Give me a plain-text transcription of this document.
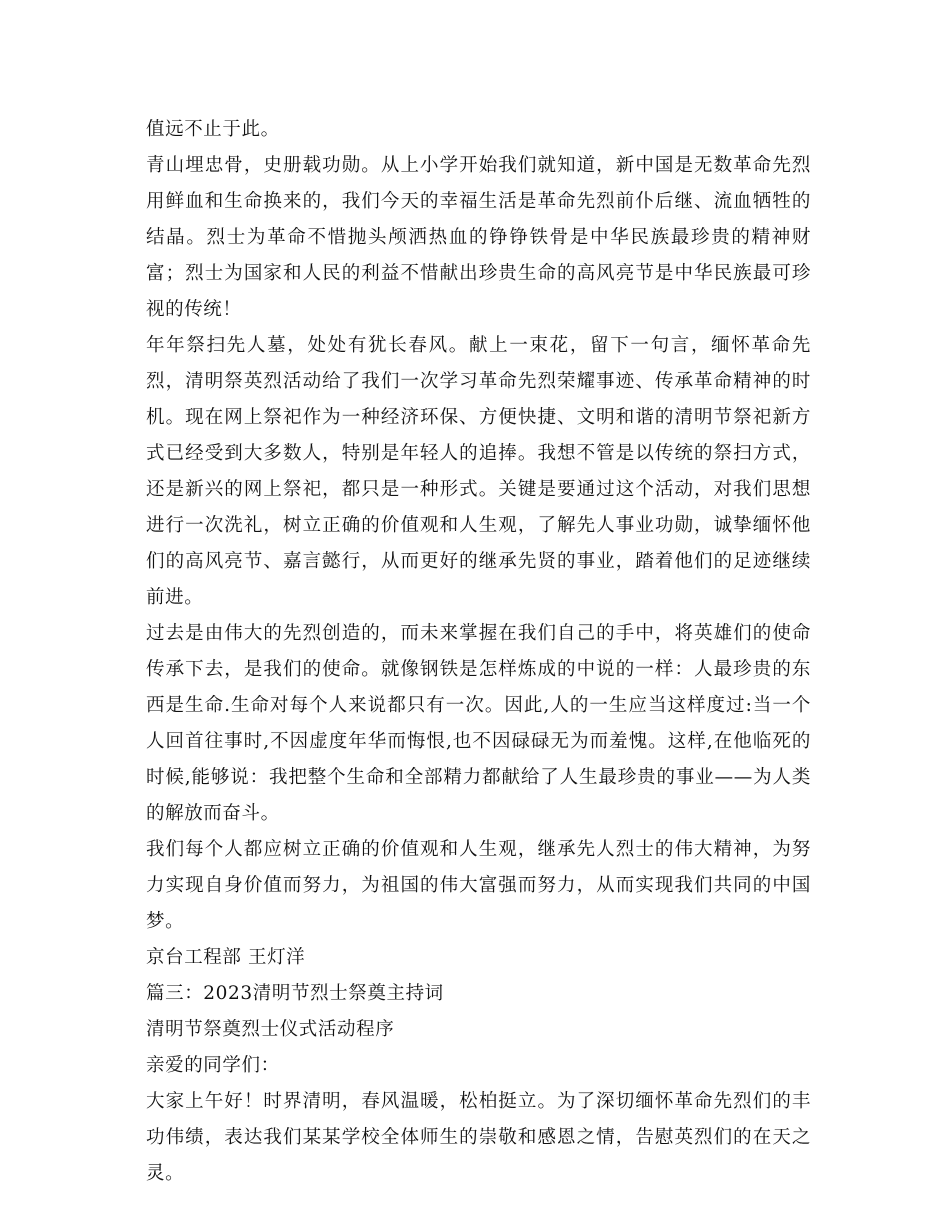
值远不止于此。

青山埋忠骨，史册载功勋。从上小学开始我们就知道，新中国是无数革命先烈用鲜血和生命换来的，我们今天的幸福生活是革命先烈前仆后继、流血牺牲的结晶。烈士为革命不惜抛头颅洒热血的铮铮铁骨是中华民族最珍贵的精神财富；烈士为国家和人民的利益不惜献出珍贵生命的高风亮节是中华民族最可珍视的传统！

年年祭扫先人墓，处处有犹长春风。献上一束花，留下一句言，缅怀革命先烈，清明祭英烈活动给了我们一次学习革命先烈荣耀事迹、传承革命精神的时机。现在网上祭祀作为一种经济环保、方便快捷、文明和谐的清明节祭祀新方式已经受到大多数人，特别是年轻人的追捧。我想不管是以传统的祭扫方式，还是新兴的网上祭祀，都只是一种形式。关键是要通过这个活动，对我们思想进行一次洗礼，树立正确的价值观和人生观，了解先人事业功勋，诚挚缅怀他们的高风亮节、嘉言懿行，从而更好的继承先贤的事业，踏着他们的足迹继续前进。

过去是由伟大的先烈创造的，而未来掌握在我们自己的手中，将英雄们的使命传承下去，是我们的使命。就像钢铁是怎样炼成的中说的一样：人最珍贵的东西是生命.生命对每个人来说都只有一次。因此,人的一生应当这样度过:当一个人回首往事时,不因虚度年华而悔恨,也不因碌碌无为而羞愧。这样,在他临死的时候,能够说：我把整个生命和全部精力都献给了人生最珍贵的事业——为人类的解放而奋斗。

我们每个人都应树立正确的价值观和人生观，继承先人烈士的伟大精神，为努力实现自身价值而努力，为祖国的伟大富强而努力，从而实现我们共同的中国梦。

京台工程部 王灯洋

篇三：2023清明节烈士祭奠主持词

清明节祭奠烈士仪式活动程序

亲爱的同学们：

大家上午好！时界清明，春风温暖，松柏挺立。为了深切缅怀革命先烈们的丰功伟绩，表达我们某某学校全体师生的崇敬和感恩之情，告慰英烈们的在天之灵。
